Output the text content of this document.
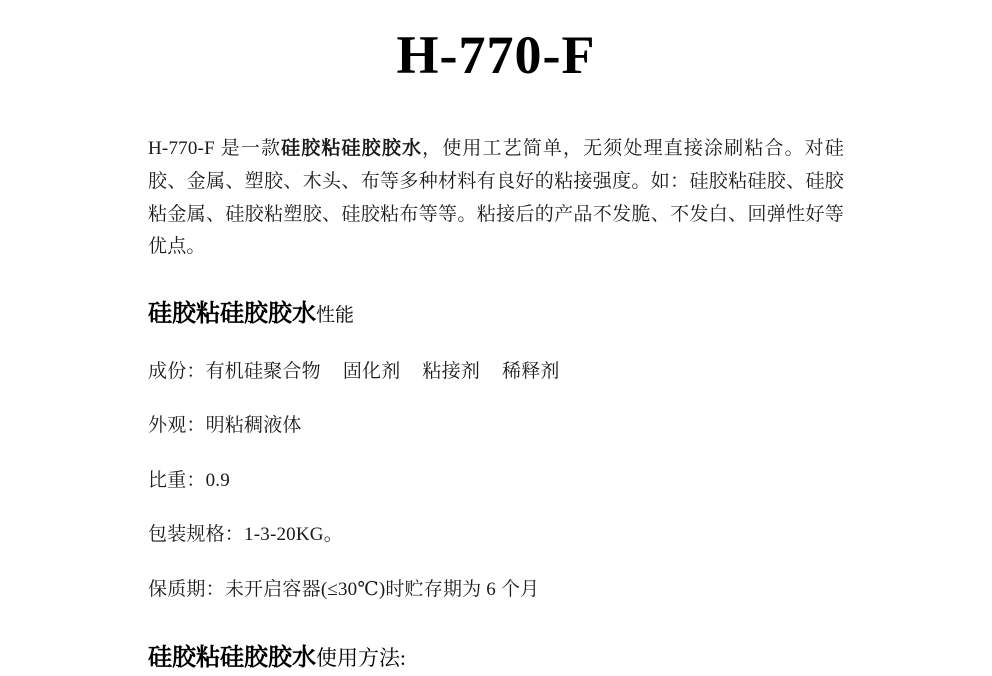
H-770-F

H-770-F 是一款硅胶粘硅胶胶水，使用工艺简单，无须处理直接涂刷粘合。对硅胶、金属、塑胶、木头、布等多种材料有良好的粘接强度。如：硅胶粘硅胶、硅胶粘金属、硅胶粘塑胶、硅胶粘布等等。粘接后的产品不发脆、不发白、回弹性好等优点。

硅胶粘硅胶胶水性能

成份：有机硅聚合物 固化剂 粘接剂 稀释剂
外观：明粘稠液体
比重：0.9
包装规格：1-3-20KG。
保质期：未开启容器(≤30℃)时贮存期为 6 个月

硅胶粘硅胶胶水使用方法:
